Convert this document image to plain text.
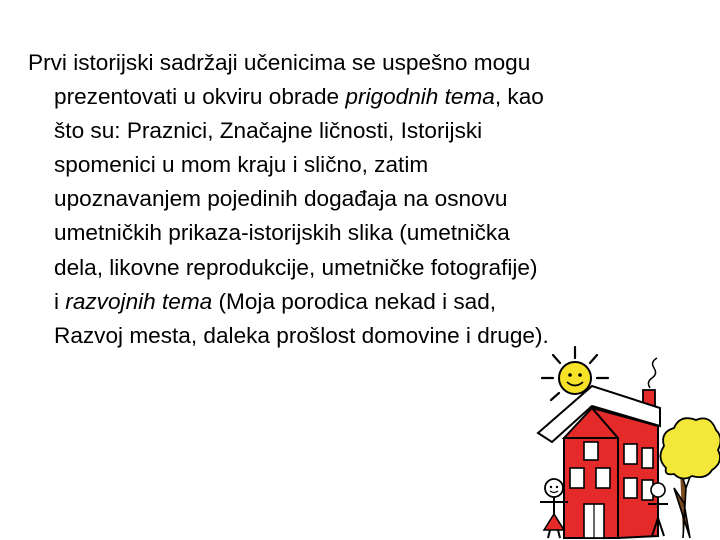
Prvi istorijski sadržaji učenicima se uspešno mogu
prezentovati u okviru obrade prigodnih tema, kao
što su: Praznici, Značajne ličnosti, Istorijski
spomenici u mom kraju i slično, zatim
upoznavanjem pojedinih događaja na osnovu
umetničkih prikaza-istorijskih slika (umetnička
dela, likovne reprodukcije, umetničke fotografije)
i razvojnih tema (Moja porodica nekad i sad,
Razvoj mesta, daleka prošlost domovine i druge).
